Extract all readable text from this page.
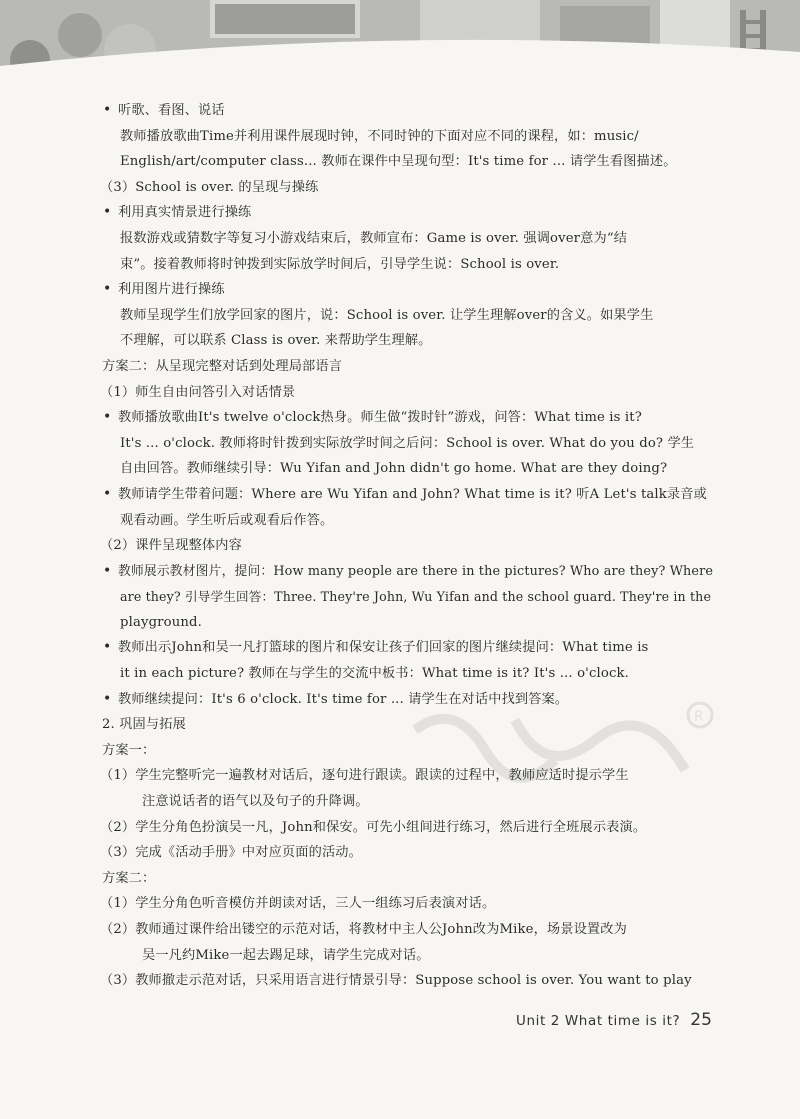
R
• 听歌、看图、说话
教师播放歌曲Time并利用课件展现时钟，不同时钟的下面对应不同的课程，如：music/
English/art/computer class... 教师在课件中呈现句型：It's time for ... 请学生看图描述。
（3）School is over. 的呈现与操练
• 利用真实情景进行操练
报数游戏或猜数字等复习小游戏结束后，教师宣布：Game is over. 强调over意为“结
束”。接着教师将时钟拨到实际放学时间后，引导学生说：School is over.
• 利用图片进行操练
教师呈现学生们放学回家的图片，说：School is over. 让学生理解over的含义。如果学生
不理解，可以联系 Class is over. 来帮助学生理解。
方案二：从呈现完整对话到处理局部语言
（1）师生自由问答引入对话情景
• 教师播放歌曲It's twelve o'clock热身。师生做“拨时针”游戏，问答：What time is it?
It's ... o'clock. 教师将时针拨到实际放学时间之后问：School is over. What do you do? 学生
自由回答。教师继续引导：Wu Yifan and John didn't go home. What are they doing?
• 教师请学生带着问题：Where are Wu Yifan and John? What time is it? 听A Let's talk录音或
观看动画。学生听后或观看后作答。
（2）课件呈现整体内容
• 教师展示教材图片，提问：How many people are there in the pictures? Who are they? Where
are they? 引导学生回答：Three. They're John, Wu Yifan and the school guard. They're in the
playground.
• 教师出示John和吴一凡打篮球的图片和保安让孩子们回家的图片继续提问：What time is
it in each picture? 教师在与学生的交流中板书：What time is it? It's ... o'clock.
• 教师继续提问：It's 6 o'clock. It's time for ... 请学生在对话中找到答案。
2. 巩固与拓展
方案一：
（1）学生完整听完一遍教材对话后，逐句进行跟读。跟读的过程中，教师应适时提示学生
注意说话者的语气以及句子的升降调。
（2）学生分角色扮演吴一凡，John和保安。可先小组间进行练习，然后进行全班展示表演。
（3）完成《活动手册》中对应页面的活动。
方案二：
（1）学生分角色听音模仿并朗读对话，三人一组练习后表演对话。
（2）教师通过课件给出镂空的示范对话，将教材中主人公John改为Mike，场景设置改为
吴一凡约Mike一起去踢足球，请学生完成对话。
（3）教师撤走示范对话，只采用语言进行情景引导：Suppose school is over. You want to play
Unit 2 What time is it? 25
